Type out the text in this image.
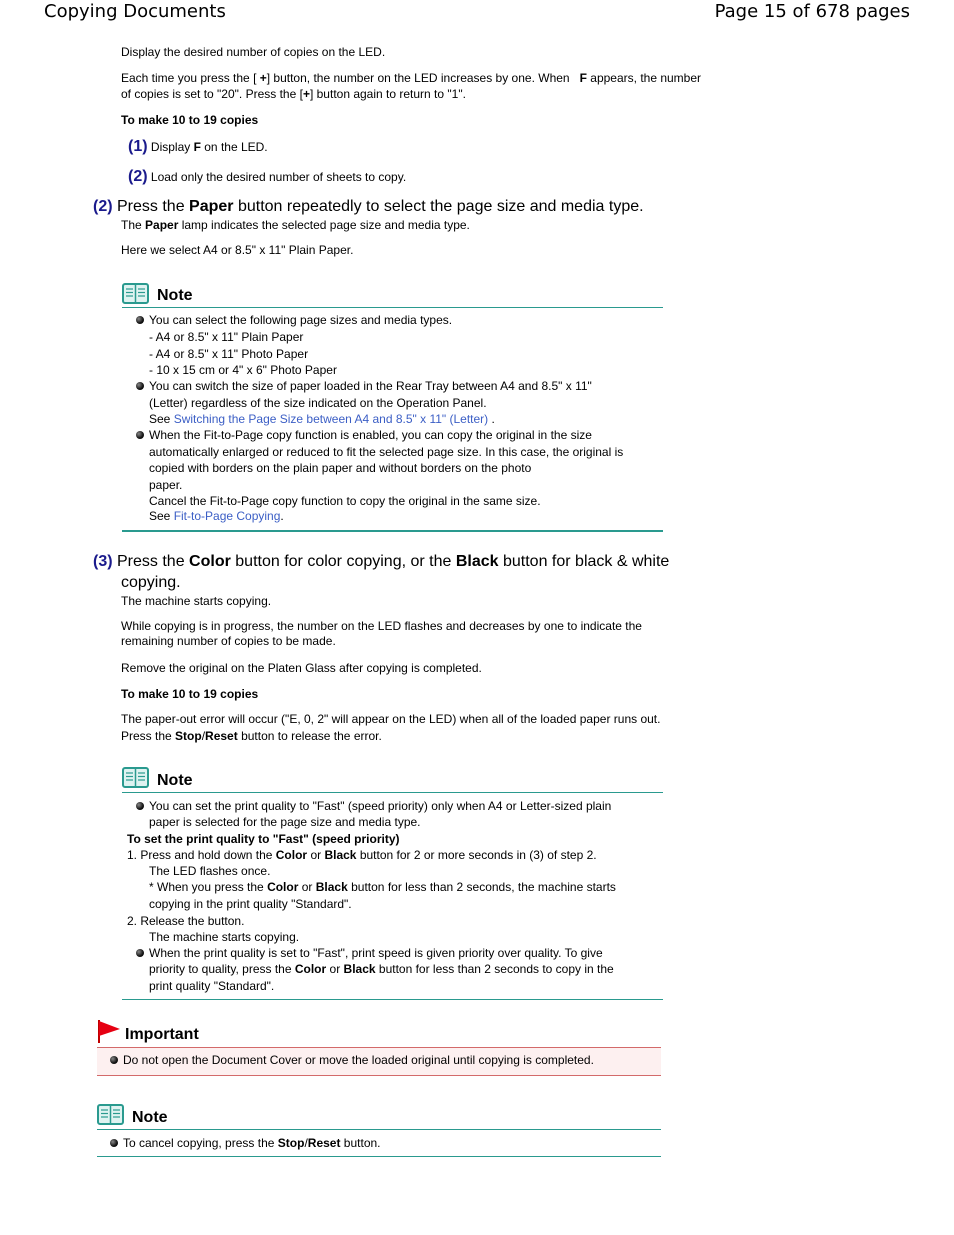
Copying Documents	Page 15 of 678 pages
Display the desired number of copies on the LED.
Each time you press the [ +] button, the number on the LED increases by one. When   F appears, the number
of copies is set to "20". Press the [+] button again to return to "1".
To make 10 to 19 copies
(1) Display F on the LED.
(2) Load only the desired number of sheets to copy.
(2) Press the Paper button repeatedly to select the page size and media type.
The Paper lamp indicates the selected page size and media type.
Here we select A4 or 8.5" x 11" Plain Paper.
Note
You can select the following page sizes and media types.
- A4 or 8.5" x 11" Plain Paper
- A4 or 8.5" x 11" Photo Paper
- 10 x 15 cm or 4" x 6" Photo Paper
You can switch the size of paper loaded in the Rear Tray between A4 and 8.5" x 11"
(Letter) regardless of the size indicated on the Operation Panel.
See Switching the Page Size between A4 and 8.5" x 11" (Letter) .
When the Fit-to-Page copy function is enabled, you can copy the original in the size
automatically enlarged or reduced to fit the selected page size. In this case, the original is
copied with borders on the plain paper and without borders on the photo
paper.
Cancel the Fit-to-Page copy function to copy the original in the same size.
See Fit-to-Page Copying.
(3) Press the Color button for color copying, or the Black button for black & white
copying.
The machine starts copying.
While copying is in progress, the number on the LED flashes and decreases by one to indicate the
remaining number of copies to be made.
Remove the original on the Platen Glass after copying is completed.
To make 10 to 19 copies
The paper-out error will occur ("E, 0, 2" will appear on the LED) when all of the loaded paper runs out.
Press the Stop/Reset button to release the error.
Note
You can set the print quality to "Fast" (speed priority) only when A4 or Letter-sized plain
paper is selected for the page size and media type.
To set the print quality to "Fast" (speed priority)
1. Press and hold down the Color or Black button for 2 or more seconds in (3) of step 2.
The LED flashes once.
* When you press the Color or Black button for less than 2 seconds, the machine starts
copying in the print quality "Standard".
2. Release the button.
The machine starts copying.
When the print quality is set to "Fast", print speed is given priority over quality. To give
priority to quality, press the Color or Black button for less than 2 seconds to copy in the
print quality "Standard".
Important
Do not open the Document Cover or move the loaded original until copying is completed.
Note
To cancel copying, press the Stop/Reset button.
